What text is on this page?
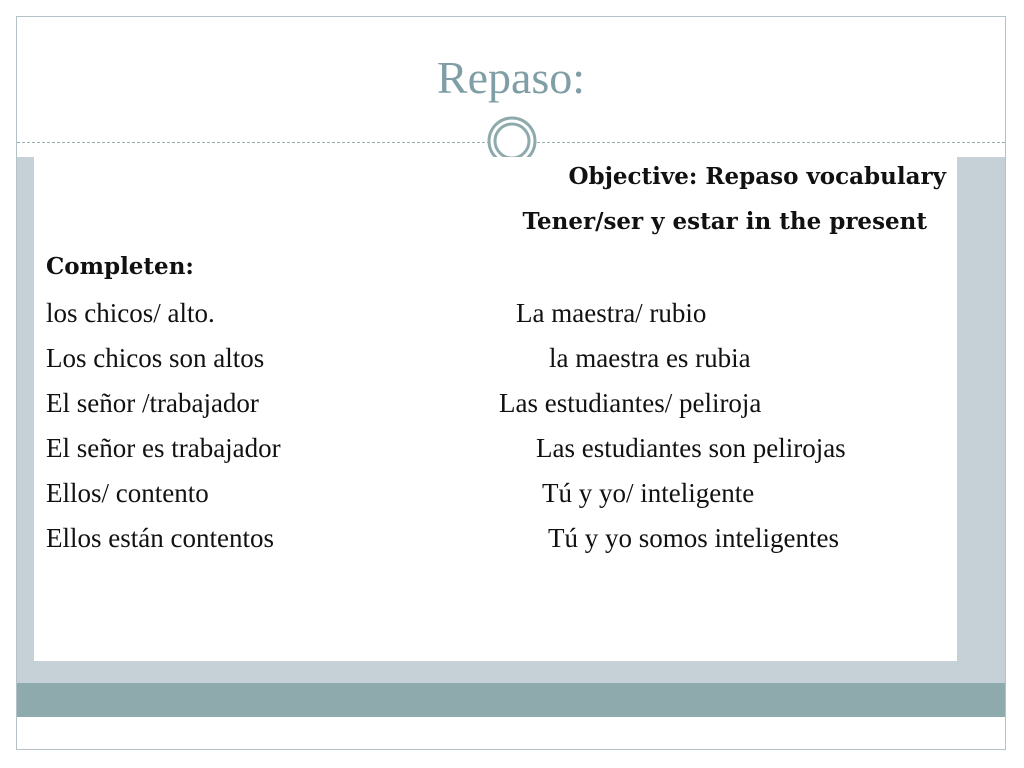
Repaso:
Objective: Repaso vocabulary
Tener/ser y estar in the present
Completen:
los chicos/ alto.
Los chicos son altos
El señor /trabajador
El señor es trabajador
Ellos/ contento
Ellos están contentos
La maestra/ rubio
la maestra es rubia
Las estudiantes/ peliroja
Las estudiantes son pelirojas
Tú y yo/ inteligente
Tú y yo somos inteligentes
